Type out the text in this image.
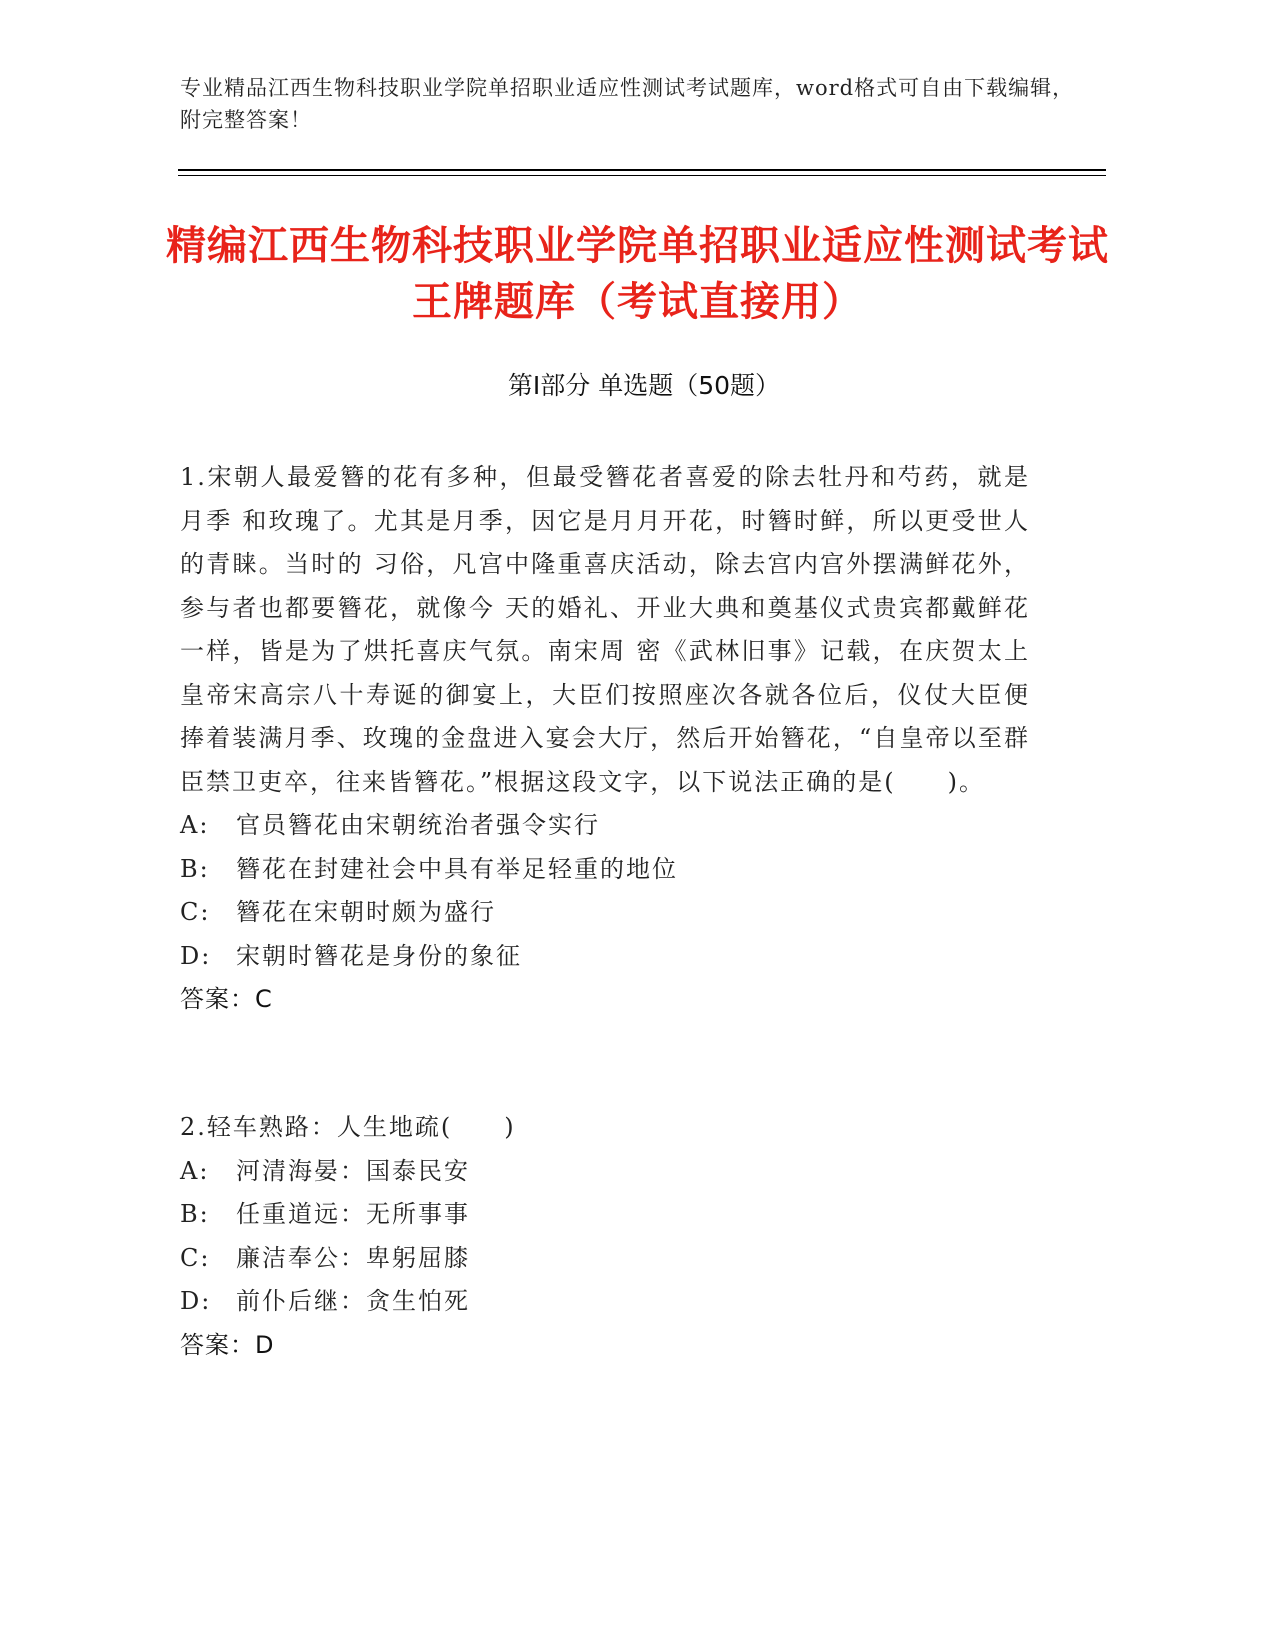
专业精品江西生物科技职业学院单招职业适应性测试考试题库，word格式可自由下载编辑，附完整答案！
精编江西生物科技职业学院单招职业适应性测试考试王牌题库（考试直接用）
第I部分 单选题（50题）

1.宋朝人最爱簪的花有多种，但最受簪花者喜爱的除去牡丹和芍药，就是月季 和玫瑰了。尤其是月季，因它是月月开花，时簪时鲜，所以更受世人的青睐。当时的 习俗，凡宫中隆重喜庆活动，除去宫内宫外摆满鲜花外，参与者也都要簪花，就像今 天的婚礼、开业大典和奠基仪式贵宾都戴鲜花一样，皆是为了烘托喜庆气氛。南宋周 密《武林旧事》记载，在庆贺太上皇帝宋高宗八十寿诞的御宴上，大臣们按照座次各就各位后，仪仗大臣便捧着装满月季、玫瑰的金盘进入宴会大厅，然后开始簪花，“自皇帝以至群臣禁卫吏卒，往来皆簪花。”根据这段文字，以下说法正确的是(　　)。

A:	官员簪花由宋朝统治者强令实行
B:	簪花在封建社会中具有举足轻重的地位
C:	簪花在宋朝时颇为盛行
D:	宋朝时簪花是身份的象征
答案：C

2.轻车熟路：人生地疏(　　)

A:	河清海晏：国泰民安
B:	任重道远：无所事事
C:	廉洁奉公：卑躬屈膝
D:	前仆后继：贪生怕死
答案：D
